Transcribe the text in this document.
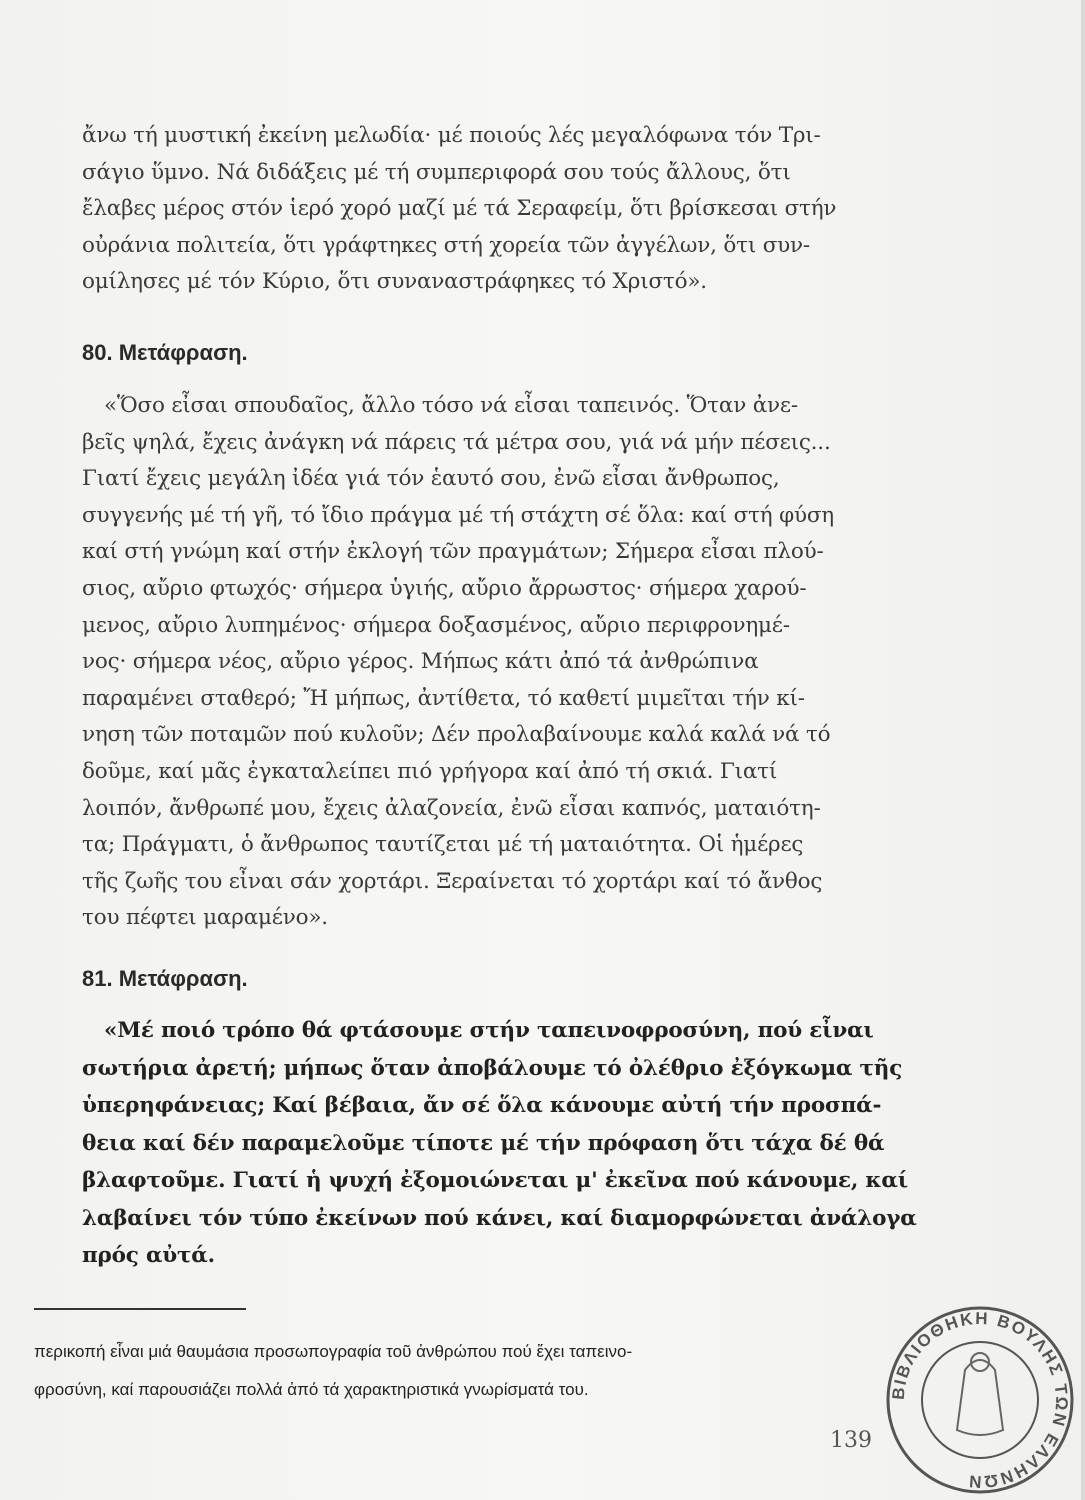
ἄνω τή μυστική ἐκείνη μελωδία· μέ ποιούς λές μεγαλόφωνα τόν Τρι-
σάγιο ὕμνο. Νά διδάξεις μέ τή συμπεριφορά σου τούς ἄλλους, ὅτι
ἔλαβες μέρος στόν ἱερό χορό μαζί μέ τά Σεραφείμ, ὅτι βρίσκεσαι στήν
οὐράνια πολιτεία, ὅτι γράφτηκες στή χορεία τῶν ἀγγέλων, ὅτι συν-
ομίλησες μέ τόν Κύριο, ὅτι συναναστράφηκες τό Χριστό».
80. Μετάφραση.
«Ὅσο εἶσαι σπουδαῖος, ἄλλο τόσο νά εἶσαι ταπεινός. Ὅταν ἀνε-
βεῖς ψηλά, ἔχεις ἀνάγκη νά πάρεις τά μέτρα σου, γιά νά μήν πέσεις...
Γιατί ἔχεις μεγάλη ἰδέα γιά τόν ἑαυτό σου, ἐνῶ εἶσαι ἄνθρωπος,
συγγενής μέ τή γῆ, τό ἴδιο πράγμα μέ τή στάχτη σέ ὅλα: καί στή φύση
καί στή γνώμη καί στήν ἐκλογή τῶν πραγμάτων; Σήμερα εἶσαι πλού-
σιος, αὔριο φτωχός· σήμερα ὑγιής, αὔριο ἄρρωστος· σήμερα χαρού-
μενος, αὔριο λυπημένος· σήμερα δοξασμένος, αὔριο περιφρονημέ-
νος· σήμερα νέος, αὔριο γέρος. Μήπως κάτι ἀπό τά ἀνθρώπινα
παραμένει σταθερό; Ἤ μήπως, ἀντίθετα, τό καθετί μιμεῖται τήν κί-
νηση τῶν ποταμῶν πού κυλοῦν; Δέν προλαβαίνουμε καλά καλά νά τό
δοῦμε, καί μᾶς ἐγκαταλείπει πιό γρήγορα καί ἀπό τή σκιά. Γιατί
λοιπόν, ἄνθρωπέ μου, ἔχεις ἀλαζονεία, ἐνῶ εἶσαι καπνός, ματαιότη-
τα; Πράγματι, ὁ ἄνθρωπος ταυτίζεται μέ τή ματαιότητα. Οἱ ἡμέρες
τῆς ζωῆς του εἶναι σάν χορτάρι. Ξεραίνεται τό χορτάρι καί τό ἄνθος
του πέφτει μαραμένο».
81. Μετάφραση.
«Μέ ποιό τρόπο θά φτάσουμε στήν ταπεινοφροσύνη, πού εἶναι
σωτήρια ἀρετή; μήπως ὅταν ἀποβάλουμε τό ὀλέθριο ἐξόγκωμα τῆς
ὑπερηφάνειας; Καί βέβαια, ἄν σέ ὅλα κάνουμε αὐτή τήν προσπά-
θεια καί δέν παραμελοῦμε τίποτε μέ τήν πρόφαση ὅτι τάχα δέ θά
βλαφτοῦμε. Γιατί ἡ ψυχή ἐξομοιώνεται μ' ἐκεῖνα πού κάνουμε, καί
λαβαίνει τόν τύπο ἐκείνων πού κάνει, καί διαμορφώνεται ἀνάλογα
πρός αὐτά.
περικοπή εἶναι μιά θαυμάσια προσωπογραφία τοῦ ἀνθρώπου πού ἔχει ταπεινο-
φροσύνη, καί παρουσιάζει πολλά ἀπό τά χαρακτηριστικά γνωρίσματά του.
139
ΒΙΒΛΙΟΘΗΚΗ ΒΟΥΛΗΣ ΤΩΝ ΕΛΛΗΝΩΝ
